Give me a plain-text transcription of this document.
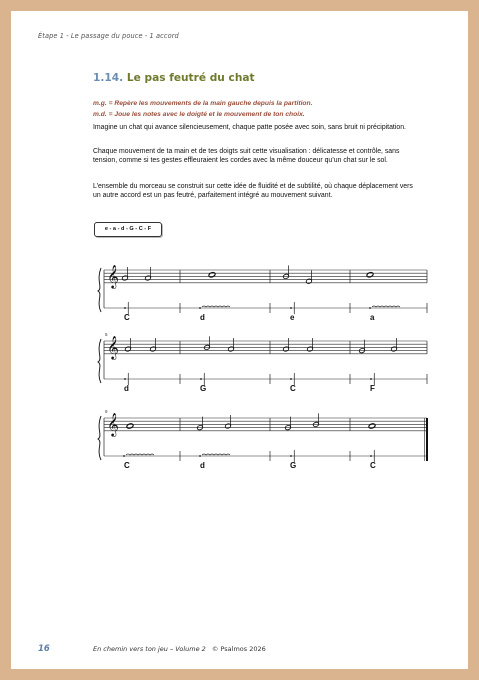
Étape 1 - Le passage du pouce - 1 accord
1.14. Le pas feutré du chat
m.g. = Repère les mouvements de la main gauche depuis la partition.
m.d. = Joue les notes avec le doigté et le mouvement de ton choix.
Imagine un chat qui avance silencieusement, chaque patte posée avec soin, sans bruit ni précipitation.
Chaque mouvement de ta main et de tes doigts suit cette visualisation : délicatesse et contrôle, sans tension, comme si tes gestes effleuraient les cordes avec la même douceur qu’un chat sur le sol.
L’ensemble du morceau se construit sur cette idée de fluidité et de subtilité, où chaque déplacement vers un autre accord est un pas feutré, parfaitement intégré au mouvement suivant.
e - a - d - G - C - F
𝄞
C	d	e	a
𝄞
5
d	G	C	F
𝄞
9
C	d	G	C
16	En chemin vers ton jeu – Volume 2 © Psalmos 2026
